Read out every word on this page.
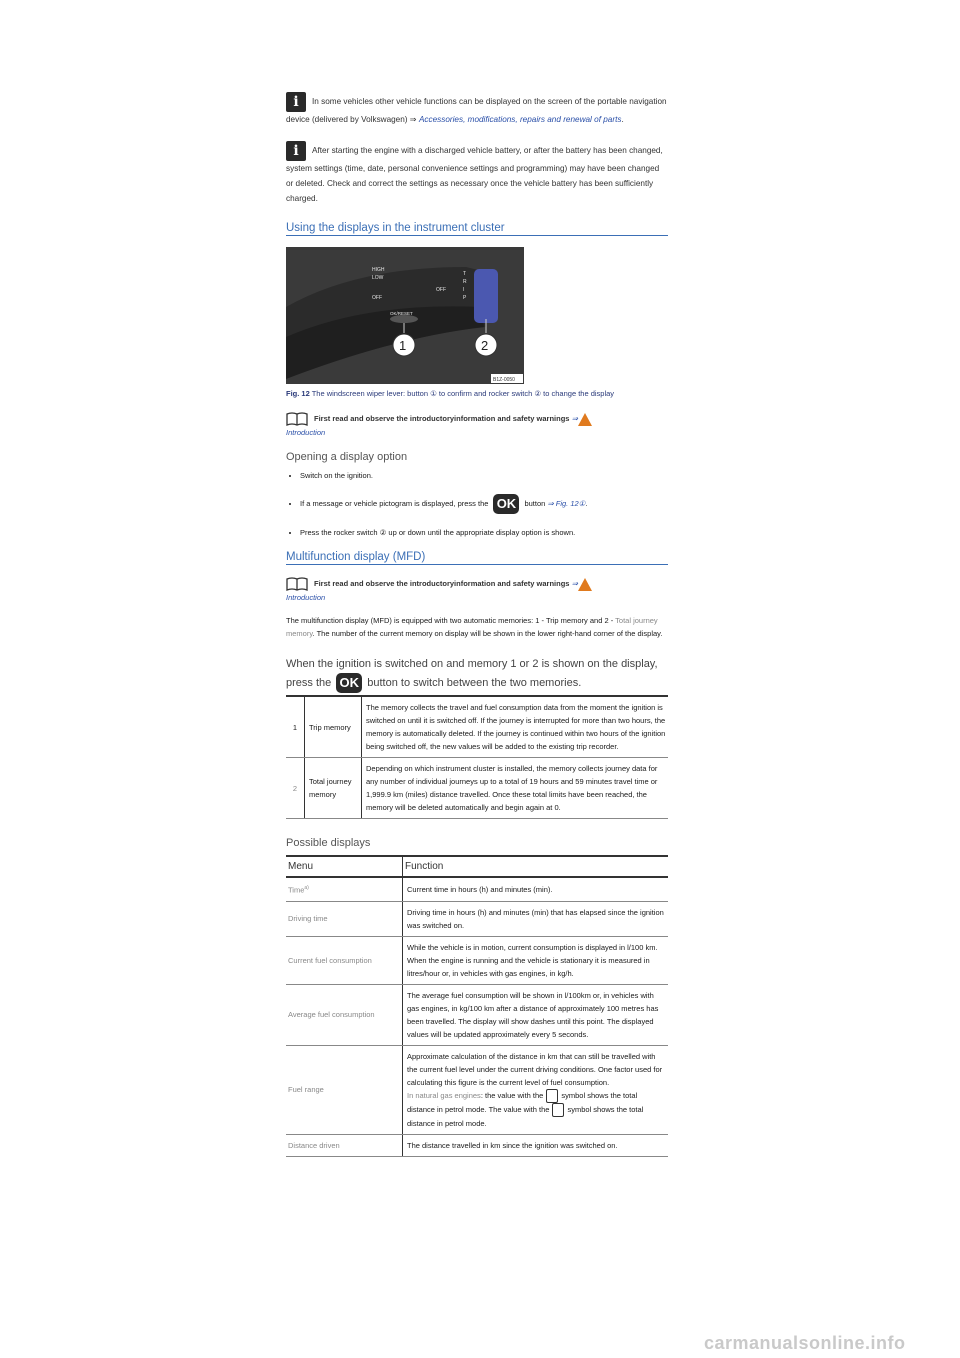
i In some vehicles other vehicle functions can be displayed on the screen of the portable navigation device (delivered by Volkswagen) ⇒ Accessories, modifications, repairs and renewal of parts.
i After starting the engine with a discharged vehicle battery, or after the battery has been changed, system settings (time, date, personal convenience settings and programming) may have been changed or deleted. Check and correct the settings as necessary once the vehicle battery has been sufficiently charged.
Using the displays in the instrument cluster
HIGH
LOW
OFF
OFF
OK/RESET
T
R
I
P
1	2
B1Z-0050
Fig. 12 The windscreen wiper lever: button ① to confirm and rocker switch ② to change the display
First read and observe the introductoryinformation and safety warnings ⇒
Introduction
Opening a display option
• Switch on the ignition.
• If a message or vehicle pictogram is displayed, press the OK button ⇒ Fig. 12①.
• Press the rocker switch ② up or down until the appropriate display option is shown.
Multifunction display (MFD)
First read and observe the introductoryinformation and safety warnings ⇒
Introduction
The multifunction display (MFD) is equipped with two automatic memories: 1 - Trip memory and 2 - Total journey memory. The number of the current memory on display will be shown in the lower right-hand corner of the display.
When the ignition is switched on and memory 1 or 2 is shown on the display, press the OK button to switch between the two memories.
1	Trip memory	The memory collects the travel and fuel consumption data from the moment the ignition is switched on until it is switched off. If the journey is interrupted for more than two hours, the memory is automatically deleted. If the journey is continued within two hours of the ignition being switched off, the new values will be added to the existing trip recorder.
2	Total journey memory	Depending on which instrument cluster is installed, the memory collects journey data for any number of individual journeys up to a total of 19 hours and 59 minutes travel time or 1,999.9 km (miles) distance travelled. Once these total limits have been reached, the memory will be deleted automatically and begin again at 0.
Possible displays
Menu	Function
Time$^{a)}$	Current time in hours (h) and minutes (min).
Driving time	Driving time in hours (h) and minutes (min) that has elapsed since the ignition was switched on.
Current fuel consumption	While the vehicle is in motion, current consumption is displayed in l/100 km. When the engine is running and the vehicle is stationary it is measured in litres/hour or, in vehicles with gas engines, in kg/h.
Average fuel consumption	The average fuel consumption will be shown in l/100km or, in vehicles with gas engines, in kg/100 km after a distance of approximately 100 metres has been travelled. The display will show dashes until this point. The displayed values will be updated approximately every 5 seconds.
Fuel range	Approximate calculation of the distance in km that can still be travelled with the current fuel level under the current driving conditions. One factor used for calculating this figure is the current level of fuel consumption.
In natural gas engines: the value with the symbol shows the total distance in petrol mode. The value with the symbol shows the total distance in petrol mode.
Distance driven	The distance travelled in km since the ignition was switched on.
carmanualsonline.info
